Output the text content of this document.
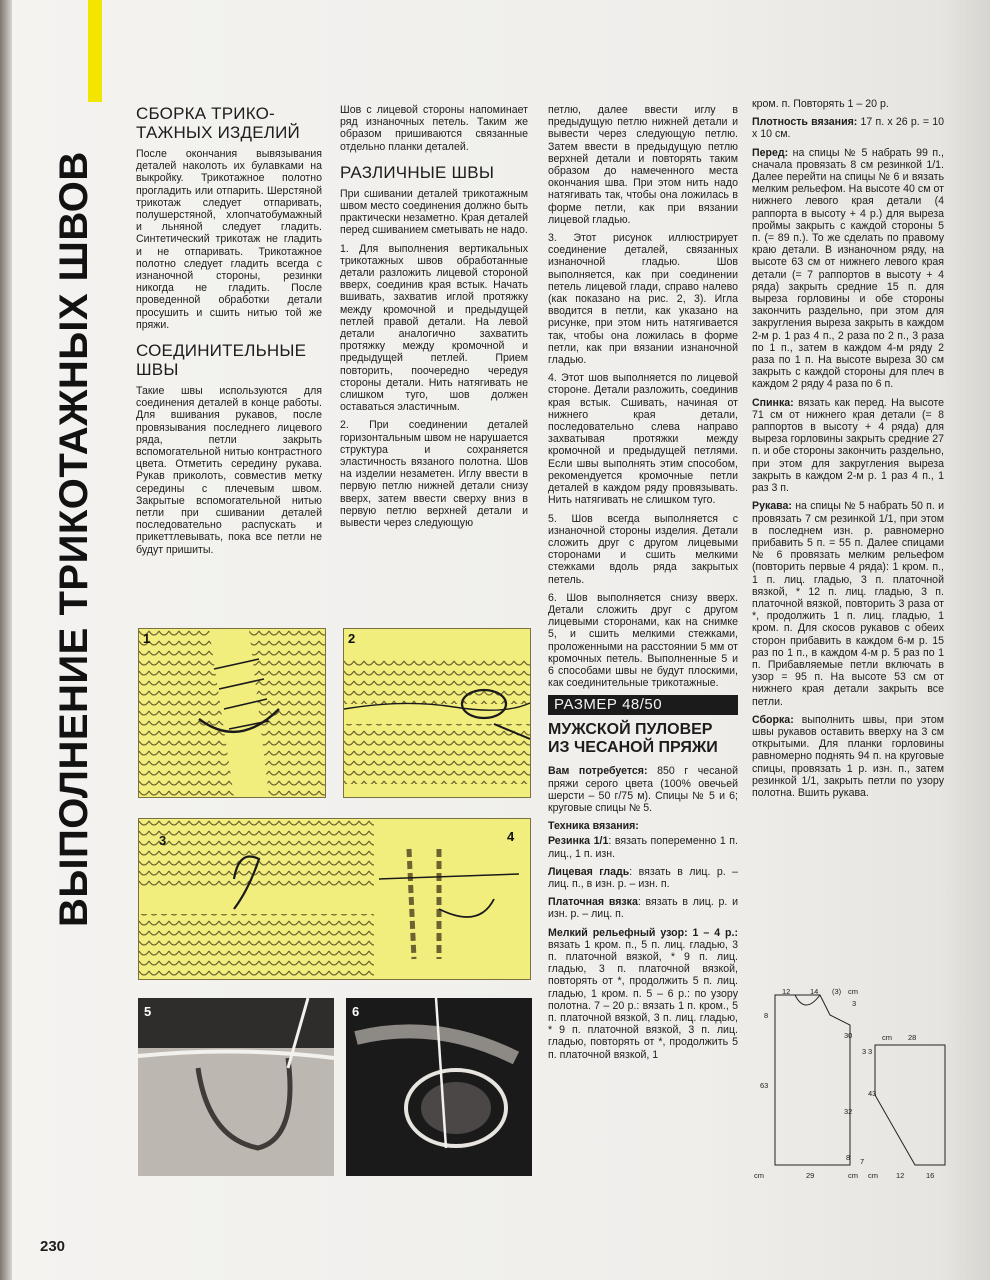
ВЫПОЛНЕНИЕ ТРИКОТАЖНЫХ ШВОВ
СБОРКА ТРИКО-ТАЖНЫХ ИЗДЕЛИЙ

После окончания вывязывания деталей наколоть их булавками на выкройку. Трикотажное полотно прогладить или отпарить. Шерстяной трикотаж следует отпаривать, полушерстяной, хлопчатобумажный и льняной следует гладить. Синтетический трикотаж не гладить и не отпаривать. Трикотажное полотно следует гладить всегда с изнаночной стороны, резинки никогда не гладить. После проведенной обработки детали просушить и сшить нитью той же пряжи.

СОЕДИНИТЕЛЬНЫЕ ШВЫ

Такие швы используются для соединения деталей в конце работы. Для вшивания рукавов, после провязывания последнего лицевого ряда, петли закрыть вспомогательной нитью контрастного цвета. Отметить середину рукава. Рукав приколоть, совместив метку середины с плечевым швом. Закрытые вспомогательной нитью петли при сшивании деталей последовательно распускать и прикеттлевывать, пока все петли не будут пришиты.

Шов с лицевой стороны напоминает ряд изнаночных петель. Таким же образом пришиваются связанные отдельно планки деталей.

РАЗЛИЧНЫЕ ШВЫ

При сшивании деталей трикотажным швом место соединения должно быть практически незаметно. Края деталей перед сшиванием сметывать не надо.

1. Для выполнения вертикальных трикотажных швов обработанные детали разложить лицевой стороной вверх, соединив края встык. Начать вшивать, захватив иглой протяжку между кромочной и предыдущей петлей правой детали. На левой детали аналогично захватить протяжку между кромочной и предыдущей петлей. Прием повторить, поочередно чередуя стороны детали. Нить натягивать не слишком туго, шов должен оставаться эластичным.

2. При соединении деталей горизонтальным швом не нарушается структура и сохраняется эластичность вязаного полотна. Шов на изделии незаметен. Иглу ввести в первую петлю нижней детали снизу вверх, затем ввести сверху вниз в первую петлю верхней детали и вывести через следующую

петлю, далее ввести иглу в предыдущую петлю нижней детали и вывести через следующую петлю. Затем ввести в предыдущую петлю верхней детали и повторять таким образом до намеченного места окончания шва. При этом нить надо натягивать так, чтобы она ложилась в форме петли, как при вязании лицевой гладью.

3. Этот рисунок иллюстрирует соединение деталей, связанных изнаночной гладью. Шов выполняется, как при соединении петель лицевой глади, справо налево (как показано на рис. 2, 3). Игла вводится в петли, как указано на рисунке, при этом нить натягивается так, чтобы она ложилась в форме петли, как при вязании изнаночной гладью.

4. Этот шов выполняется по лицевой стороне. Детали разложить, соединив края встык. Сшивать, начиная от нижнего края детали, последовательно слева направо захватывая протяжки между кромочной и предыдущей петлями. Если швы выполнять этим способом, рекомендуется кромочные петли деталей в каждом ряду провязывать. Нить натягивать не слишком туго.

5. Шов всегда выполняется с изнаночной стороны изделия. Детали сложить друг с другом лицевыми сторонами и сшить мелкими стежками вдоль ряда закрытых петель.

6. Шов выполняется снизу вверх. Детали сложить друг с другом лицевыми сторонами, как на снимке 5, и сшить мелкими стежками, проложенными на расстоянии 5 мм от кромочных петель. Выполненные 5 и 6 способами швы не будут плоскими, как соединительные трикотажные.

РАЗМЕР 48/50
МУЖСКОЙ ПУЛОВЕР ИЗ ЧЕСАНОЙ ПРЯЖИ

Вам потребуется: 850 г чесаной пряжи серого цвета (100% овечьей шерсти – 50 г/75 м). Спицы № 5 и 6; круговые спицы № 5.

Техника вязания:

Резинка 1/1: вязать попеременно 1 п. лиц., 1 п. изн.

Лицевая гладь: вязать в лиц. р. – лиц. п., в изн. р. – изн. п.

Платочная вязка: вязать в лиц. р. и изн. р. – лиц. п.

Мелкий рельефный узор: 1 – 4 р.: вязать 1 кром. п., 5 п. лиц. гладью, 3 п. платочной вязкой, * 9 п. лиц. гладью, 3 п. платочной вязкой, повторять от *, продолжить 5 п. лиц. гладью, 1 кром. п. 5 – 6 р.: по узору полотна. 7 – 20 р.: вязать 1 п. кром., 5 п. платочной вязкой, 3 п. лиц. гладью, * 9 п. платочной вязкой, 3 п. лиц. гладью, повторять от *, продолжить 5 п. платочной вязкой, 1

кром. п. Повторять 1 – 20 р.

Плотность вязания: 17 п. х 26 р. = 10 х 10 см.

Перед: на спицы № 5 набрать 99 п., сначала провязать 8 см резинкой 1/1. Далее перейти на спицы № 6 и вязать мелким рельефом. На высоте 40 см от нижнего левого края детали (4 раппорта в высоту + 4 р.) для выреза проймы закрыть с каждой стороны 5 п. (= 89 п.). То же сделать по правому краю детали. В изнаночном ряду, на высоте 63 см от нижнего левого края детали (= 7 раппортов в высоту + 4 ряда) закрыть средние 15 п. для выреза горловины и обе стороны закончить раздельно, при этом для закругления выреза закрыть в каждом 2-м р. 1 раз 4 п., 2 раза по 2 п., 3 раза по 1 п., затем в каждом 4-м ряду 2 раза по 1 п. На высоте выреза 30 см закрыть с каждой стороны для плеч в каждом 2 ряду 4 раза по 6 п.

Спинка: вязать как перед. На высоте 71 см от нижнего края детали (= 8 раппортов в высоту + 4 ряда) для выреза горловины закрыть средние 27 п. и обе стороны закончить раздельно, при этом для закругления выреза закрыть в каждом 2-м р. 1 раз 4 п., 1 раз 3 п.

Рукава: на спицы № 5 набрать 50 п. и провязать 7 см резинкой 1/1, при этом в последнем изн. р. равномерно прибавить 5 п. = 55 п. Далее спицами № 6 провязать мелким рельефом (повторить первые 4 ряда): 1 кром. п., 1 п. лиц. гладью, 3 п. платочной вязкой, * 12 п. лиц. гладью, 3 п. платочной вязкой, повторить 3 раза от *, продолжить 1 п. лиц. гладью, 1 кром. п. Для скосов рукавов с обеих сторон прибавить в каждом 6-м р. 15 раз по 1 п., в каждом 4-м р. 5 раз по 1 п. Прибавляемые петли включать в узор = 95 п. На высоте 53 см от нижнего края детали закрыть все петли.

Сборка: выполнить швы, при этом швы рукавов оставить вверху на 3 см открытыми. Для планки горловины равномерно поднять 94 п. на круговые спицы, провязать 1 р. изн. п., затем резинкой 1/1, закрыть петли по узору полотна. Вшить рукава.

1	2
3	4
5	6
12	14 (3) cm
3
8
63
3
30
32
8
cm	29	cm
7
cm 28
3
43
cm 12	16
230
